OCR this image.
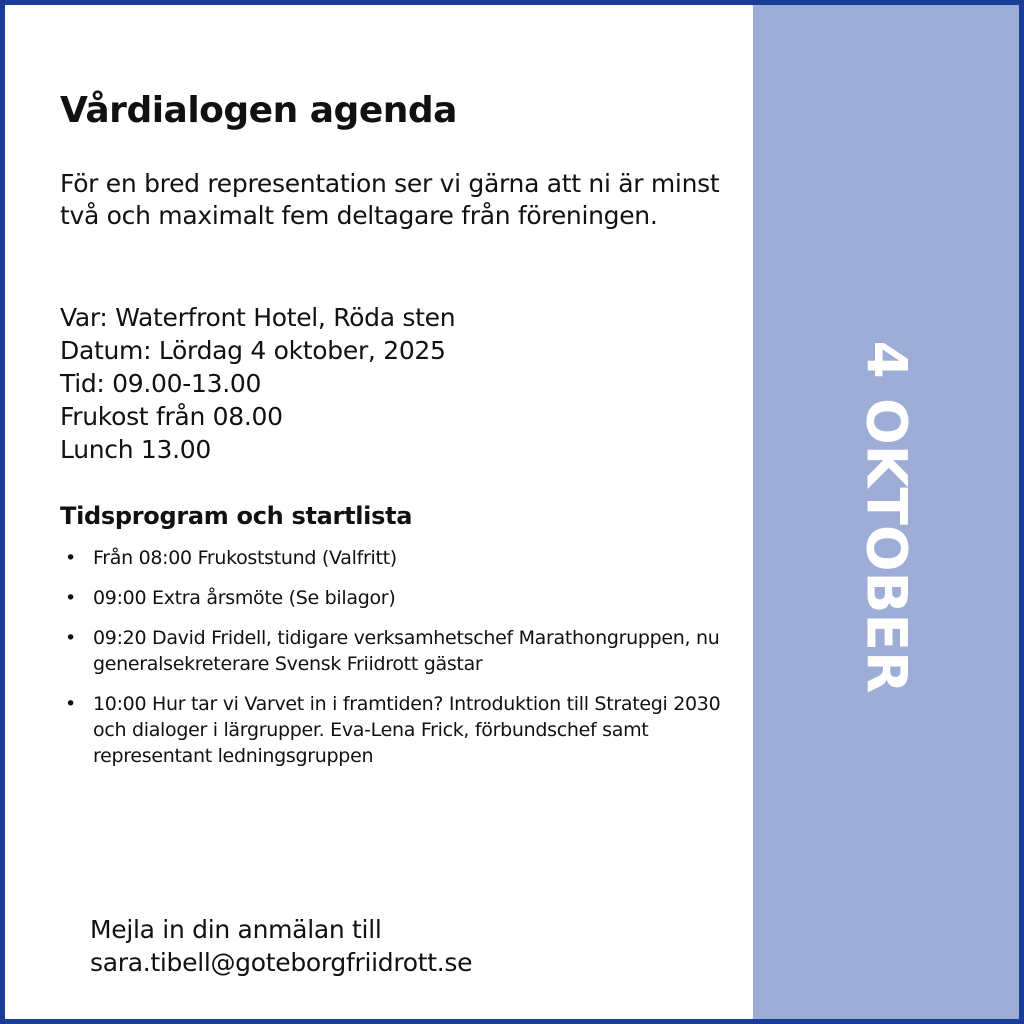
Vårdialogen agenda

För en bred representation ser vi gärna att ni är minst två och maximalt fem deltagare från föreningen.

Var: Waterfront Hotel, Röda sten
Datum: Lördag 4 oktober, 2025
Tid: 09.00-13.00
Frukost från 08.00
Lunch 13.00
Tidsprogram och startlista
• Från 08:00 Frukoststund (Valfritt)
• 09:00 Extra årsmöte (Se bilagor)
• 09:20 David Fridell, tidigare verksamhetschef Marathongruppen, nu generalsekreterare Svensk Friidrott gästar
• 10:00 Hur tar vi Varvet in i framtiden? Introduktion till Strategi 2030 och dialoger i lärgrupper. Eva-Lena Frick, förbundschef samt representant ledningsgruppen

Mejla in din anmälan till
sara.tibell@goteborgfriidrott.se

4 OKTOBER
